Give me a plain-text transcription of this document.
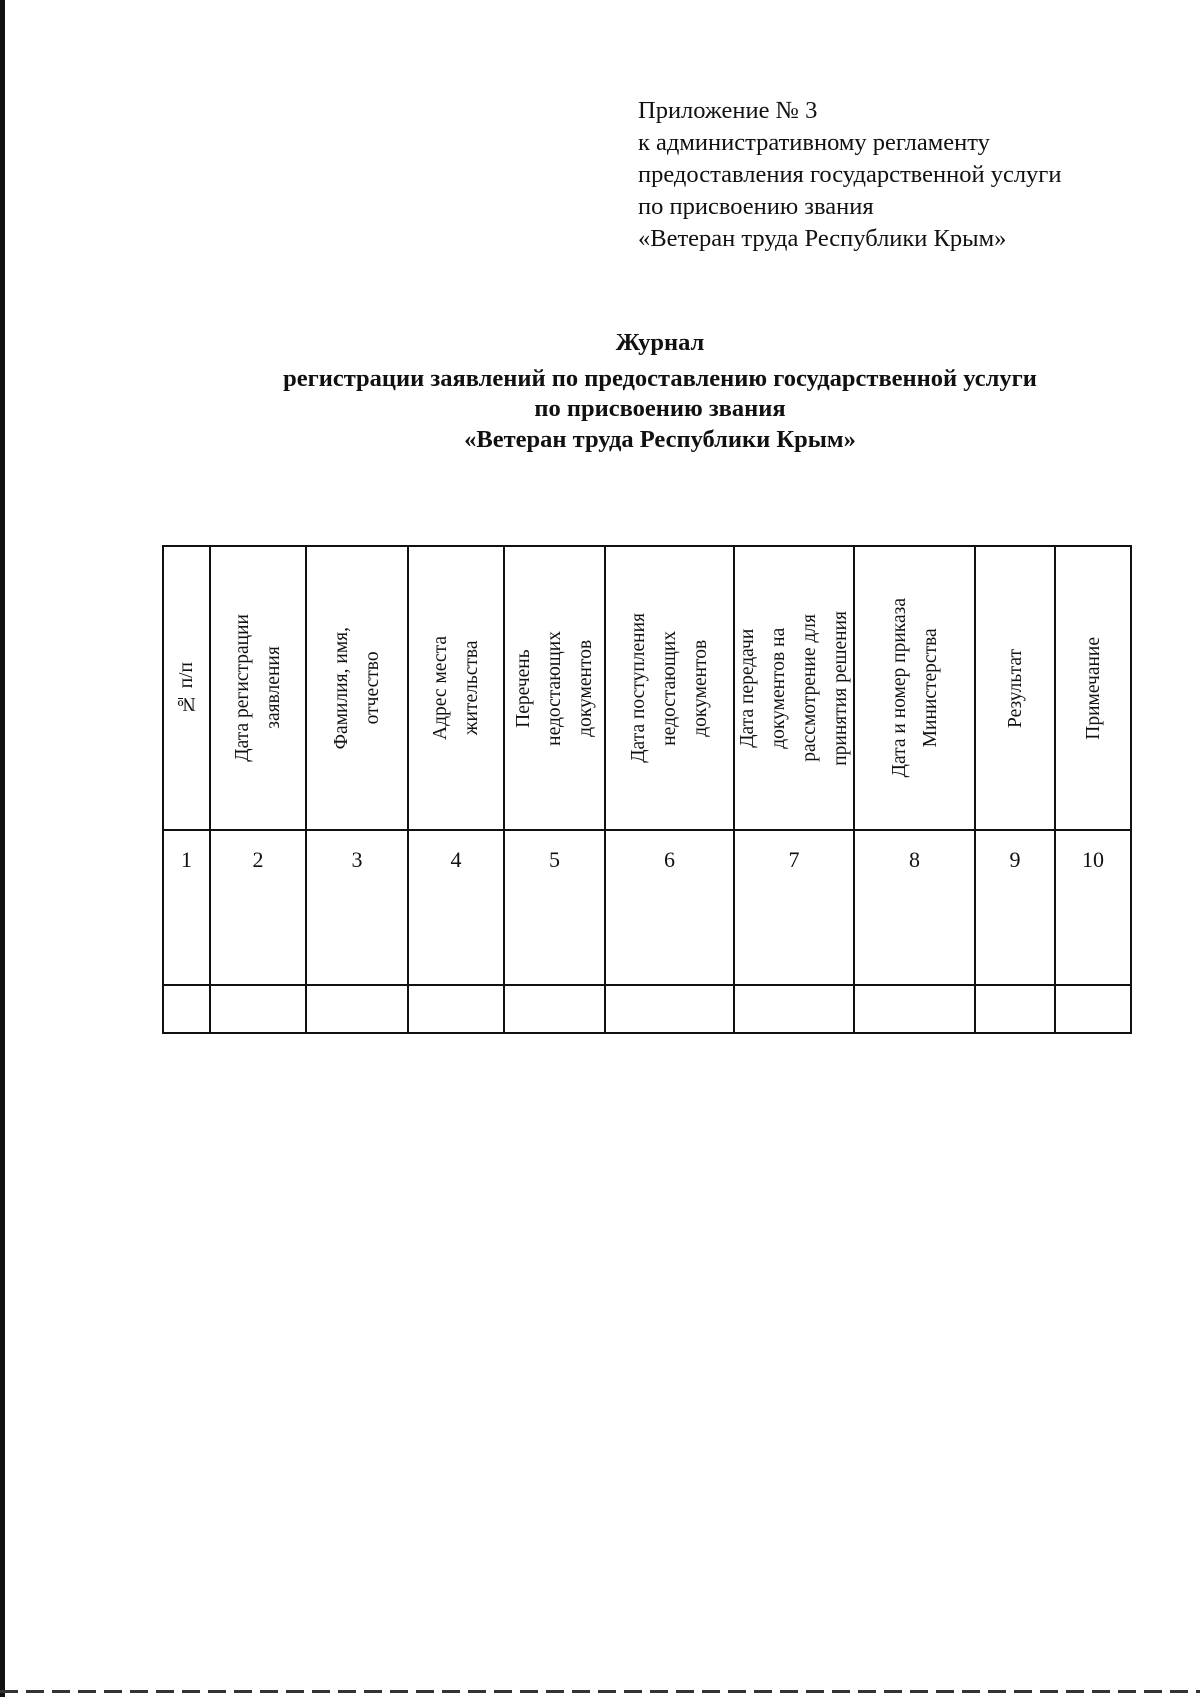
Приложение № 3
к административному регламенту
предоставления государственной услуги
по присвоению звания
«Ветеран труда Республики Крым»
Журнал
регистрации заявлений по предоставлению государственной услуги
по присвоению звания
«Ветеран труда Республики Крым»
№ п/п	Дата регистрации заявления	Фамилия, имя, отчество	Адрес места жительства	Перечень недостающих документов	Дата поступления недостающих документов	Дата передачи документов на рассмотрение для принятия решения	Дата и номер приказа Министерства	Результат	Примечание

1	2	3	4	5	6	7	8	9	10
